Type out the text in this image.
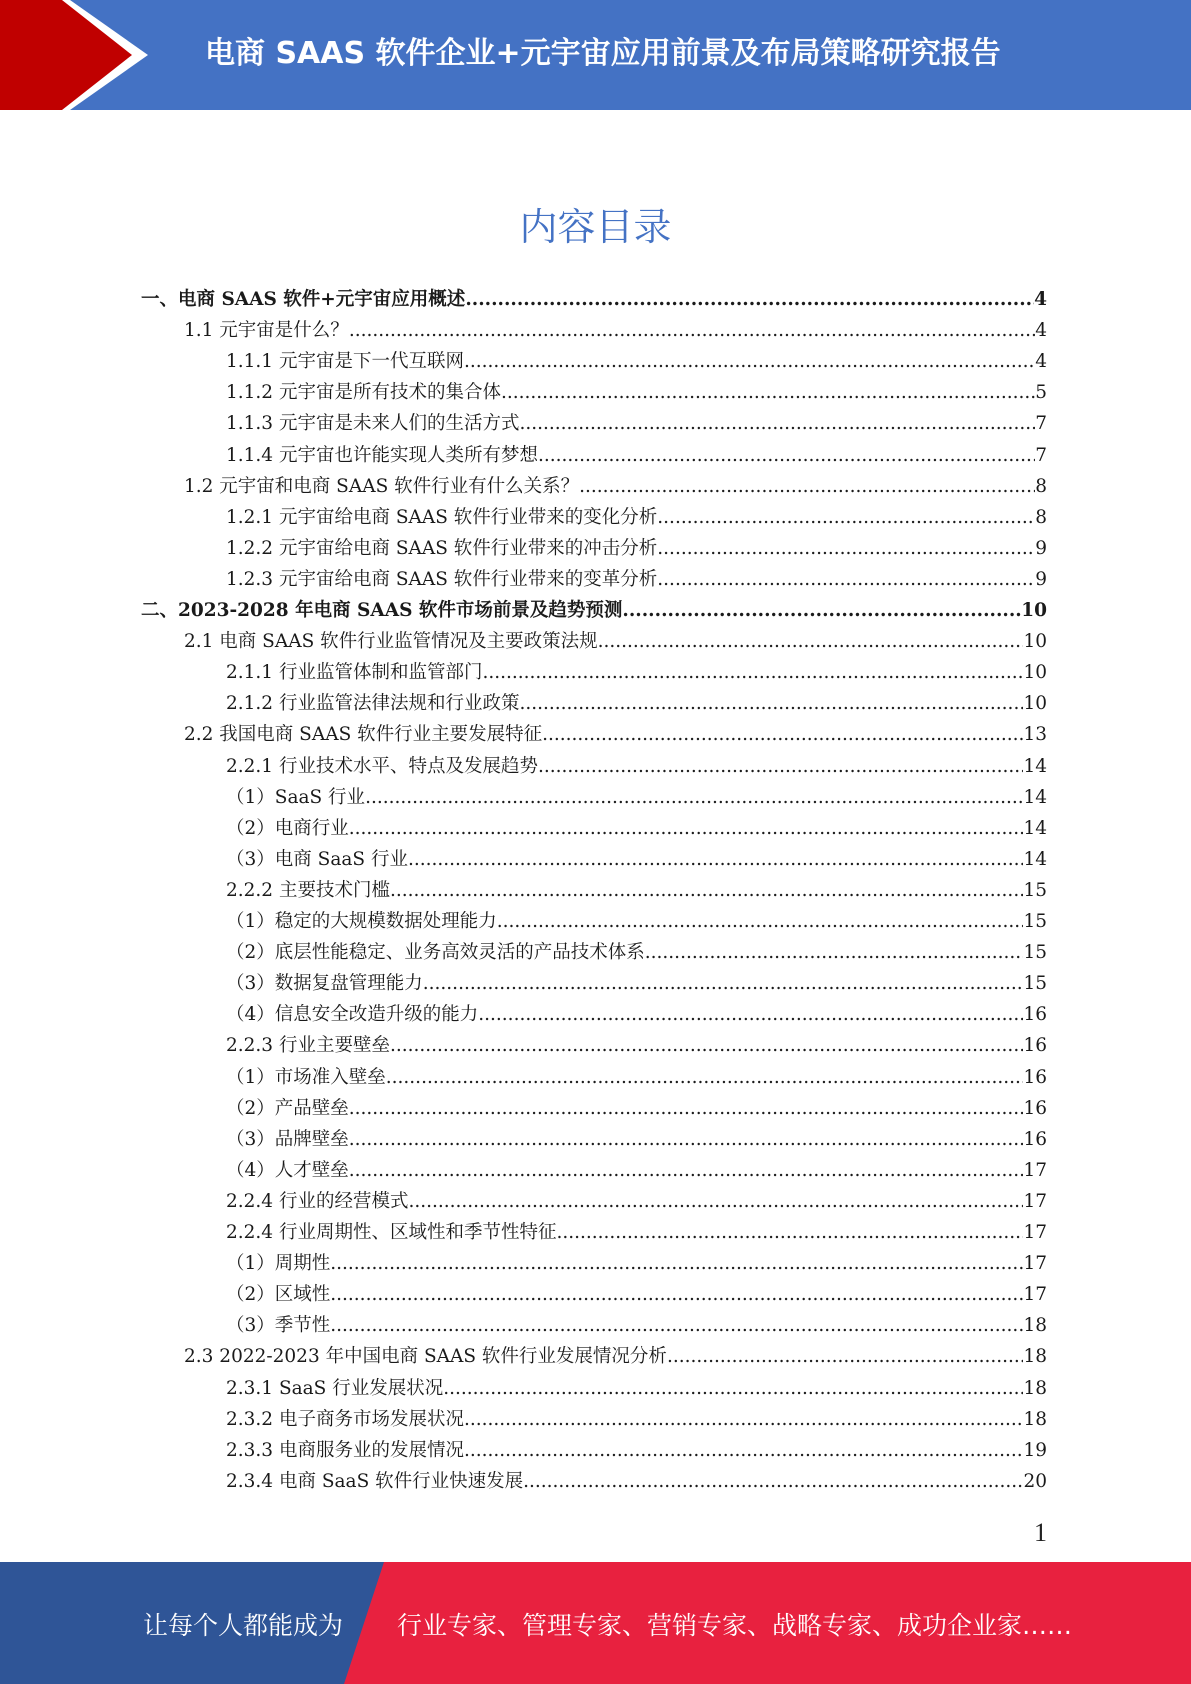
电商 SAAS 软件企业+元宇宙应用前景及布局策略研究报告
内容目录
一、电商 SAAS 软件+元宇宙应用概述 .....	4
1.1 元宇宙是什么？ .....	4
1.1.1 元宇宙是下一代互联网 .....	4
1.1.2 元宇宙是所有技术的集合体 .....	5
1.1.3 元宇宙是未来人们的生活方式 .....	7
1.1.4 元宇宙也许能实现人类所有梦想 .....	7
1.2 元宇宙和电商 SAAS 软件行业有什么关系？ .....	8
1.2.1 元宇宙给电商 SAAS 软件行业带来的变化分析 .....	8
1.2.2 元宇宙给电商 SAAS 软件行业带来的冲击分析 .....	9
1.2.3 元宇宙给电商 SAAS 软件行业带来的变革分析 .....	9
二、2023-2028 年电商 SAAS 软件市场前景及趋势预测 .....	10
2.1 电商 SAAS 软件行业监管情况及主要政策法规 .....	10
2.1.1 行业监管体制和监管部门 .....	10
2.1.2 行业监管法律法规和行业政策 .....	10
2.2 我国电商 SAAS 软件行业主要发展特征 .....	13
2.2.1 行业技术水平、特点及发展趋势 .....	14
（1）SaaS 行业 .....	14
（2）电商行业 .....	14
（3）电商 SaaS 行业 .....	14
2.2.2 主要技术门槛 .....	15
（1）稳定的大规模数据处理能力 .....	15
（2）底层性能稳定、业务高效灵活的产品技术体系 .....	15
（3）数据复盘管理能力 .....	15
（4）信息安全改造升级的能力 .....	16
2.2.3 行业主要壁垒 .....	16
（1）市场准入壁垒 .....	16
（2）产品壁垒 .....	16
（3）品牌壁垒 .....	16
（4）人才壁垒 .....	17
2.2.4 行业的经营模式 .....	17
2.2.4 行业周期性、区域性和季节性特征 .....	17
（1）周期性 .....	17
（2）区域性 .....	17
（3）季节性 .....	18
2.3 2022-2023 年中国电商 SAAS 软件行业发展情况分析 .....	18
2.3.1 SaaS 行业发展状况 .....	18
2.3.2 电子商务市场发展状况 .....	18
2.3.3 电商服务业的发展情况 .....	19
2.3.4 电商 SaaS 软件行业快速发展 .....	20
1
让每个人都能成为 行业专家、管理专家、营销专家、战略专家、成功企业家……
